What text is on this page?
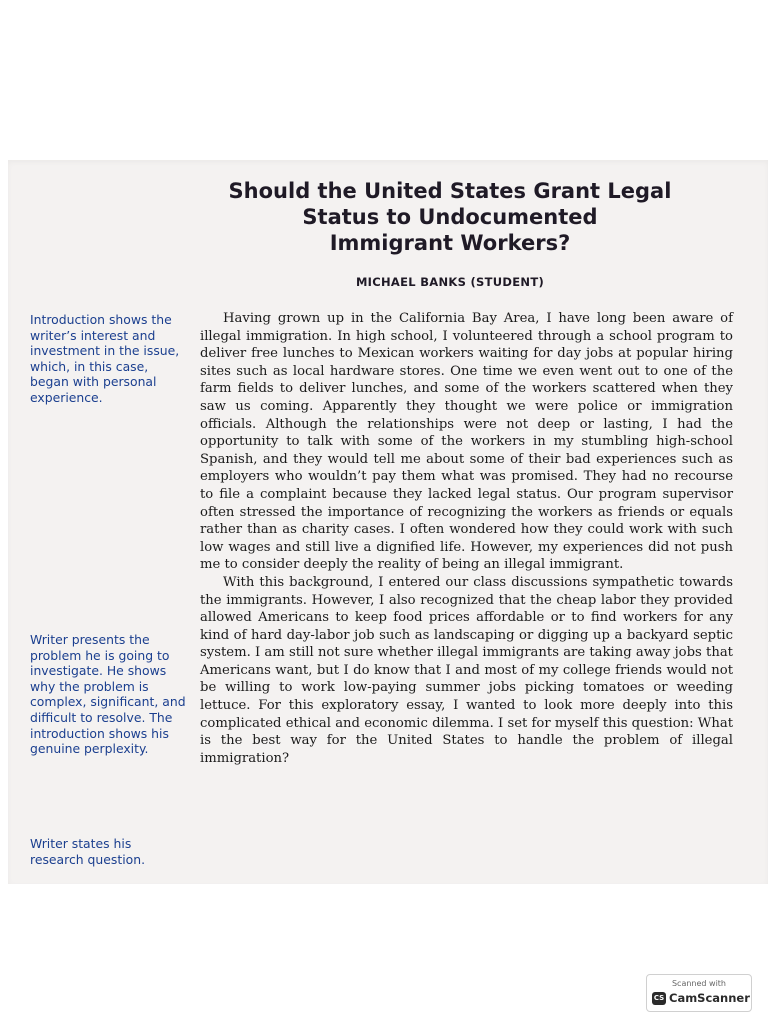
Should the United States Grant Legal
Status to Undocumented
Immigrant Workers?
MICHAEL BANKS (STUDENT)

Having grown up in the California Bay Area, I have long been aware of illegal immigration. In high school, I volunteered through a school program to deliver free lunches to Mexican workers waiting for day jobs at popular hiring sites such as local hardware stores. One time we even went out to one of the farm fields to deliver lunches, and some of the workers scattered when they saw us coming. Apparently they thought we were police or immigration officials. Although the relationships were not deep or lasting, I had the opportunity to talk with some of the workers in my stumbling high-school Spanish, and they would tell me about some of their bad experiences such as employers who wouldn’t pay them what was promised. They had no recourse to file a complaint because they lacked legal status. Our program supervisor often stressed the importance of recognizing the workers as friends or equals rather than as charity cases. I often wondered how they could work with such low wages and still live a dignified life. However, my experiences did not push me to consider deeply the reality of being an illegal immigrant.

With this background, I entered our class discussions sympathetic towards the immigrants. However, I also recognized that the cheap labor they provided allowed Americans to keep food prices affordable or to find workers for any kind of hard day-labor job such as landscaping or digging up a backyard septic system. I am still not sure whether illegal immigrants are taking away jobs that Americans want, but I do know that I and most of my college friends would not be willing to work low-paying summer jobs picking tomatoes or weeding lettuce. For this exploratory essay, I wanted to look more deeply into this complicated ethical and economic dilemma. I set for myself this question: What is the best way for the United States to handle the problem of illegal immigration?

Introduction shows the writer’s interest and investment in the issue, which, in this case, began with personal experience.
Writer presents the problem he is going to investigate. He shows why the problem is complex, significant, and difficult to resolve. The introduction shows his genuine perplexity.
Writer states his research question.
Scanned with
CS CamScanner
